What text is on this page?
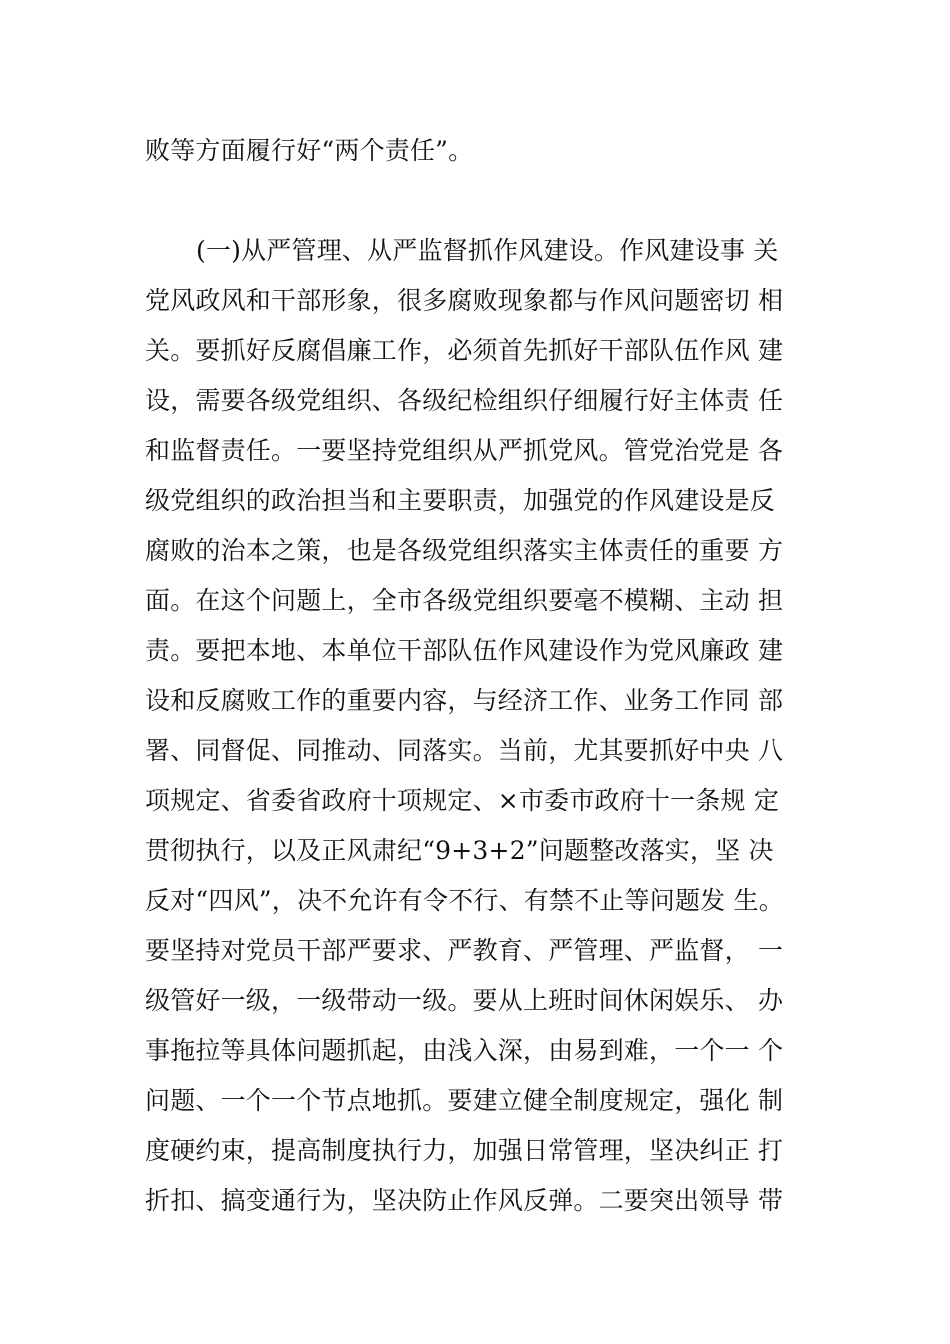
败等方面履行好“两个责任”。
(一)从严管理、从严监督抓作风建设。作风建设事 关
党风政风和干部形象，很多腐败现象都与作风问题密切 相
关。要抓好反腐倡廉工作，必须首先抓好干部队伍作风 建
设，需要各级党组织、各级纪检组织仔细履行好主体责 任
和监督责任。一要坚持党组织从严抓党风。管党治党是 各
级党组织的政治担当和主要职责，加强党的作风建设是反
腐败的治本之策，也是各级党组织落实主体责任的重要 方
面。在这个问题上，全市各级党组织要毫不模糊、主动 担
责。要把本地、本单位干部队伍作风建设作为党风廉政 建
设和反腐败工作的重要内容，与经济工作、业务工作同 部
署、同督促、同推动、同落实。当前，尤其要抓好中央 八
项规定、省委省政府十项规定、×市委市政府十一条规 定
贯彻执行，以及正风肃纪“9+3+2”问题整改落实，坚 决
反对“四风”，决不允许有令不行、有禁不止等问题发 生。
要坚持对党员干部严要求、严教育、严管理、严监督， 一
级管好一级，一级带动一级。要从上班时间休闲娱乐、 办
事拖拉等具体问题抓起，由浅入深，由易到难，一个一 个
问题、一个一个节点地抓。要建立健全制度规定，强化 制
度硬约束，提高制度执行力，加强日常管理，坚决纠正 打
折扣、搞变通行为，坚决防止作风反弹。二要突出领导 带
